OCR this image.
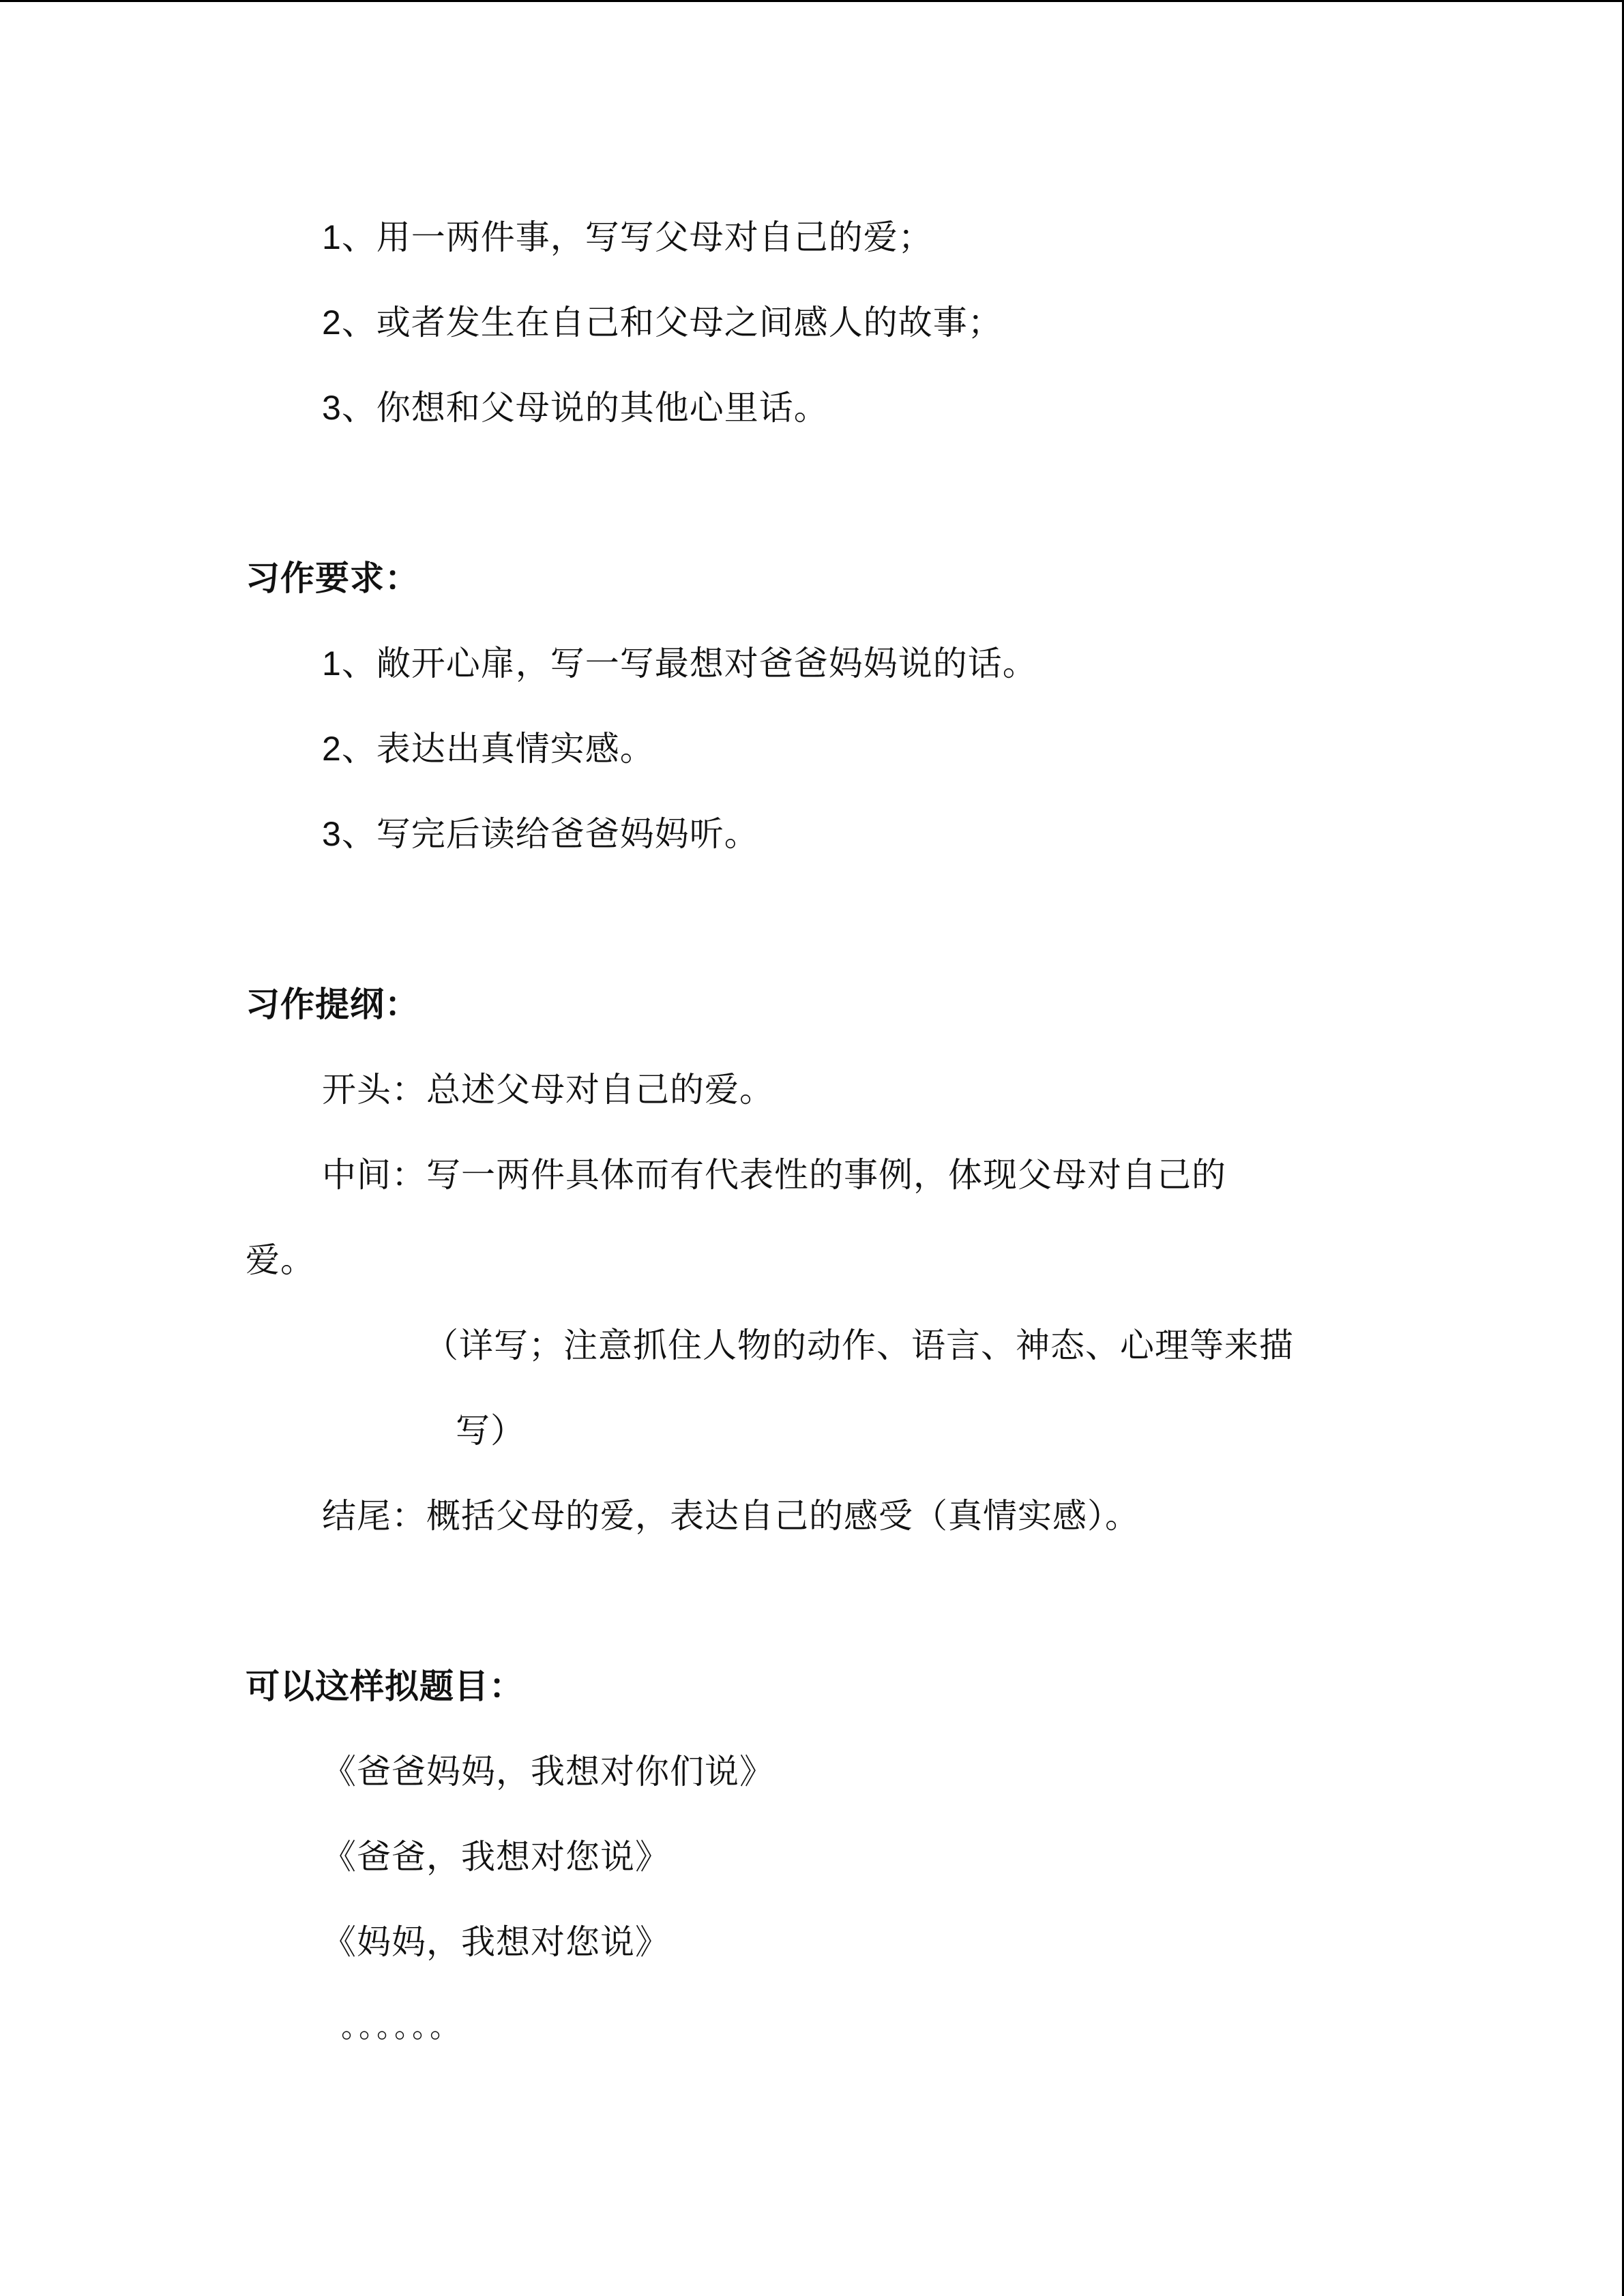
1、用一两件事，写写父母对自己的爱；
2、或者发生在自己和父母之间感人的故事；
3、你想和父母说的其他心里话。
习作要求：
1、敞开心扉，写一写最想对爸爸妈妈说的话。
2、表达出真情实感。
3、写完后读给爸爸妈妈听。
习作提纲：
开头：总述父母对自己的爱。
中间：写一两件具体而有代表性的事例，体现父母对自己的
爱。
（详写；注意抓住人物的动作、语言、神态、心理等来描
写）
结尾：概括父母的爱，表达自己的感受（真情实感）。
可以这样拟题目：
《爸爸妈妈，我想对你们说》
《爸爸，我想对您说》
《妈妈，我想对您说》
。。。。。。
